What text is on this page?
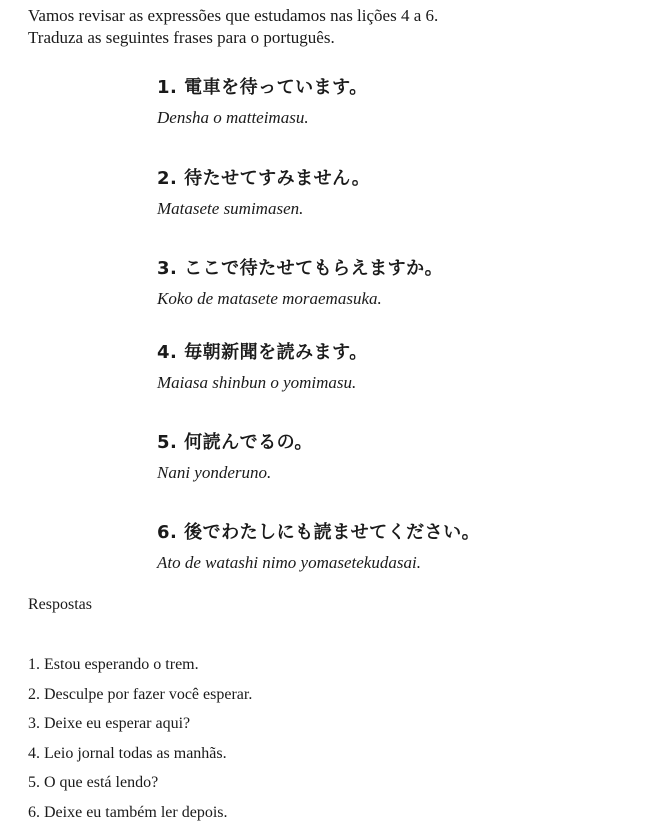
Vamos revisar as expressões que estudamos nas lições 4 a 6.

Traduza as seguintes frases para o português.

1. 電車を待っています。

Densha o matteimasu.

2. 待たせてすみません。

Matasete sumimasen.

3. ここで待たせてもらえますか。

Koko de matasete moraemasuka.

4. 毎朝新聞を読みます。

Maiasa shinbun o yomimasu.

5. 何読んでるの。

Nani yonderuno.

6. 後でわたしにも読ませてください。

Ato de watashi nimo yomasetekudasai.

Respostas

1. Estou esperando o trem.
2. Desculpe por fazer você esperar.
3. Deixe eu esperar aqui?
4. Leio jornal todas as manhãs.
5. O que está lendo?
6. Deixe eu também ler depois.
